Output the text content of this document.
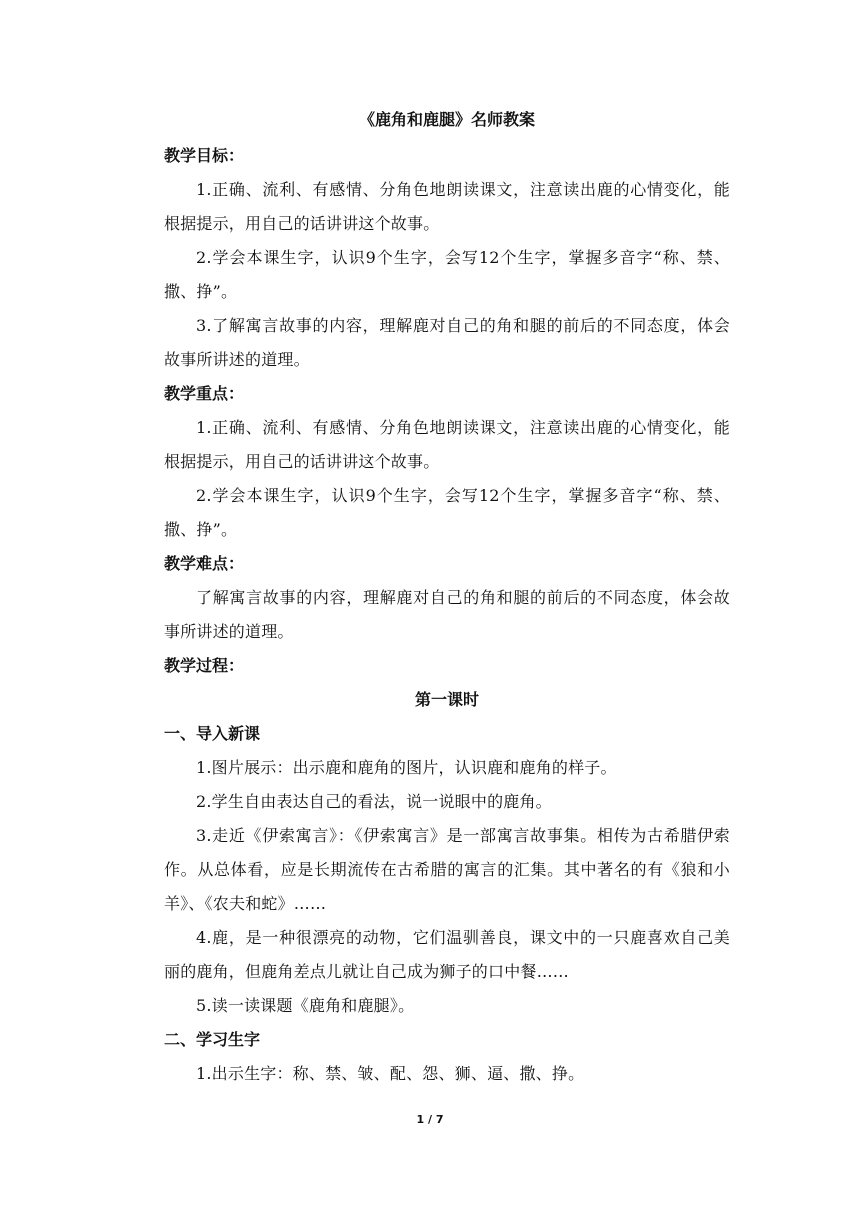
《鹿角和鹿腿》名师教案
教学目标：
1.正确、流利、有感情、分角色地朗读课文，注意读出鹿的心情变化，能根据提示，用自己的话讲讲这个故事。
2.学会本课生字，认识9个生字，会写12个生字，掌握多音字“称、禁、撒、挣”。
3.了解寓言故事的内容，理解鹿对自己的角和腿的前后的不同态度，体会故事所讲述的道理。
教学重点：
1.正确、流利、有感情、分角色地朗读课文，注意读出鹿的心情变化，能根据提示，用自己的话讲讲这个故事。
2.学会本课生字，认识9个生字，会写12个生字，掌握多音字“称、禁、撒、挣”。
教学难点：
了解寓言故事的内容，理解鹿对自己的角和腿的前后的不同态度，体会故事所讲述的道理。
教学过程：
第一课时
一、导入新课
1.图片展示：出示鹿和鹿角的图片，认识鹿和鹿角的样子。
2.学生自由表达自己的看法，说一说眼中的鹿角。
3.走近《伊索寓言》：《伊索寓言》是一部寓言故事集。相传为古希腊伊索作。从总体看，应是长期流传在古希腊的寓言的汇集。其中著名的有《狼和小羊》、《农夫和蛇》……
4.鹿，是一种很漂亮的动物，它们温驯善良，课文中的一只鹿喜欢自己美丽的鹿角，但鹿角差点儿就让自己成为狮子的口中餐……
5.读一读课题《鹿角和鹿腿》。
二、学习生字
1.出示生字：称、禁、皱、配、怨、狮、逼、撒、挣。
1 / 7
